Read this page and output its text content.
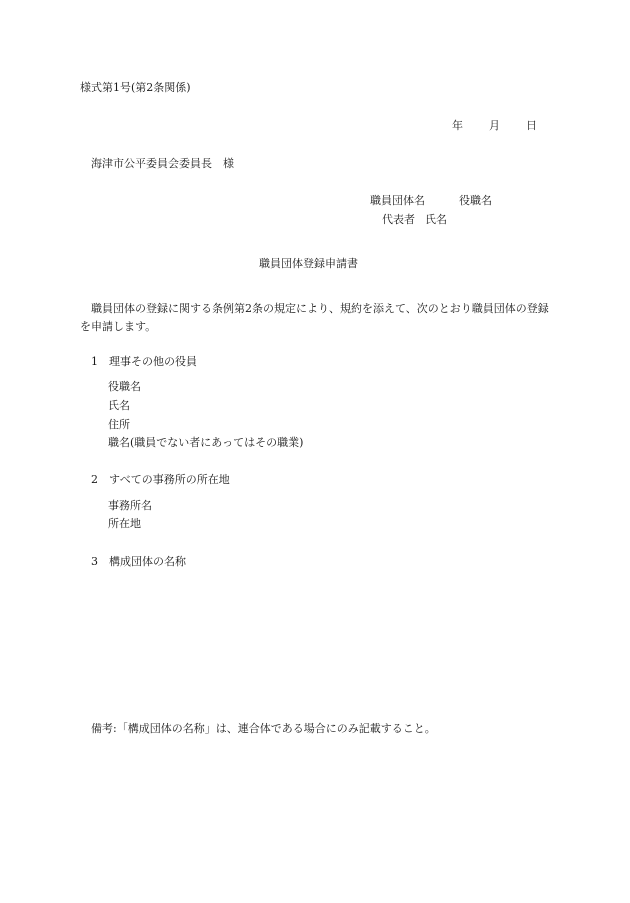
様式第1号(第2条関係)
年 月 日
海津市公平委員会委員長　様
職員団体名	役職名
代表者 氏名
職員団体登録申請書
職員団体の登録に関する条例第2条の規定により、規約を添えて、次のとおり職員団体の登録を申請します。
1 理事その他の役員
役職名
氏名
住所
職名(職員でない者にあってはその職業)
2 すべての事務所の所在地
事務所名
所在地
3 構成団体の名称
備考:「構成団体の名称」は、連合体である場合にのみ記載すること。
